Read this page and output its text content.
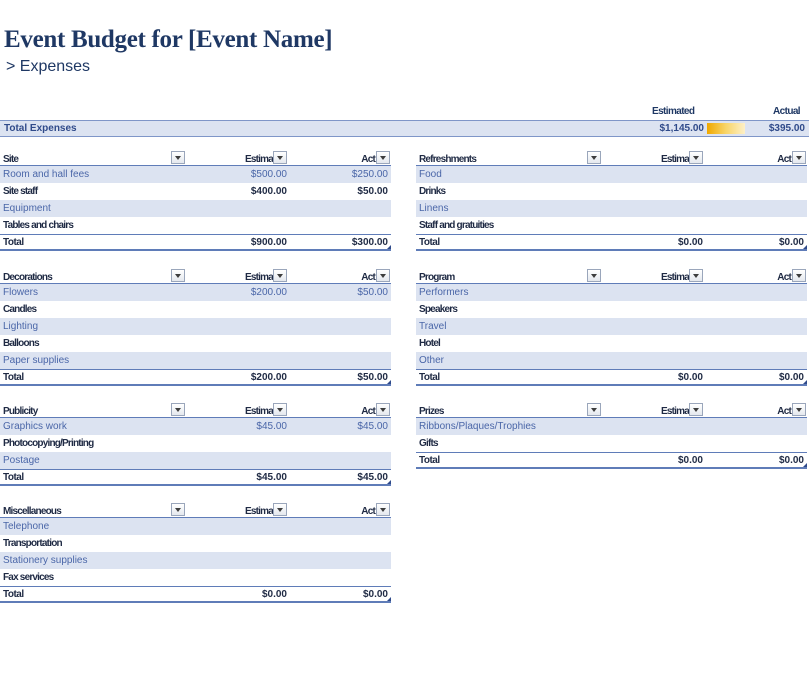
Event Budget for [Event Name]
> Expenses
Estimated	Actual
Total Expenses	$1,145.00	$395.00
Site	Estima	Act
Room and hall fees	$500.00	$250.00
Site staff	$400.00	$50.00
Equipment
Tables and chairs
Total	$900.00	$300.00
Refreshments	Estima	Act
Food
Drinks
Linens
Staff and gratuities
Total	$0.00	$0.00
Decorations	Estima	Act
Flowers	$200.00	$50.00
Candles
Lighting
Balloons
Paper supplies
Total	$200.00	$50.00
Program	Estima	Act
Performers
Speakers
Travel
Hotel
Other
Total	$0.00	$0.00
Publicity	Estima	Act
Graphics work	$45.00	$45.00
Photocopying/Printing
Postage
Total	$45.00	$45.00
Prizes	Estima	Act
Ribbons/Plaques/Trophies
Gifts
Total	$0.00	$0.00
Miscellaneous	Estima	Act
Telephone
Transportation
Stationery supplies
Fax services
Total	$0.00	$0.00
